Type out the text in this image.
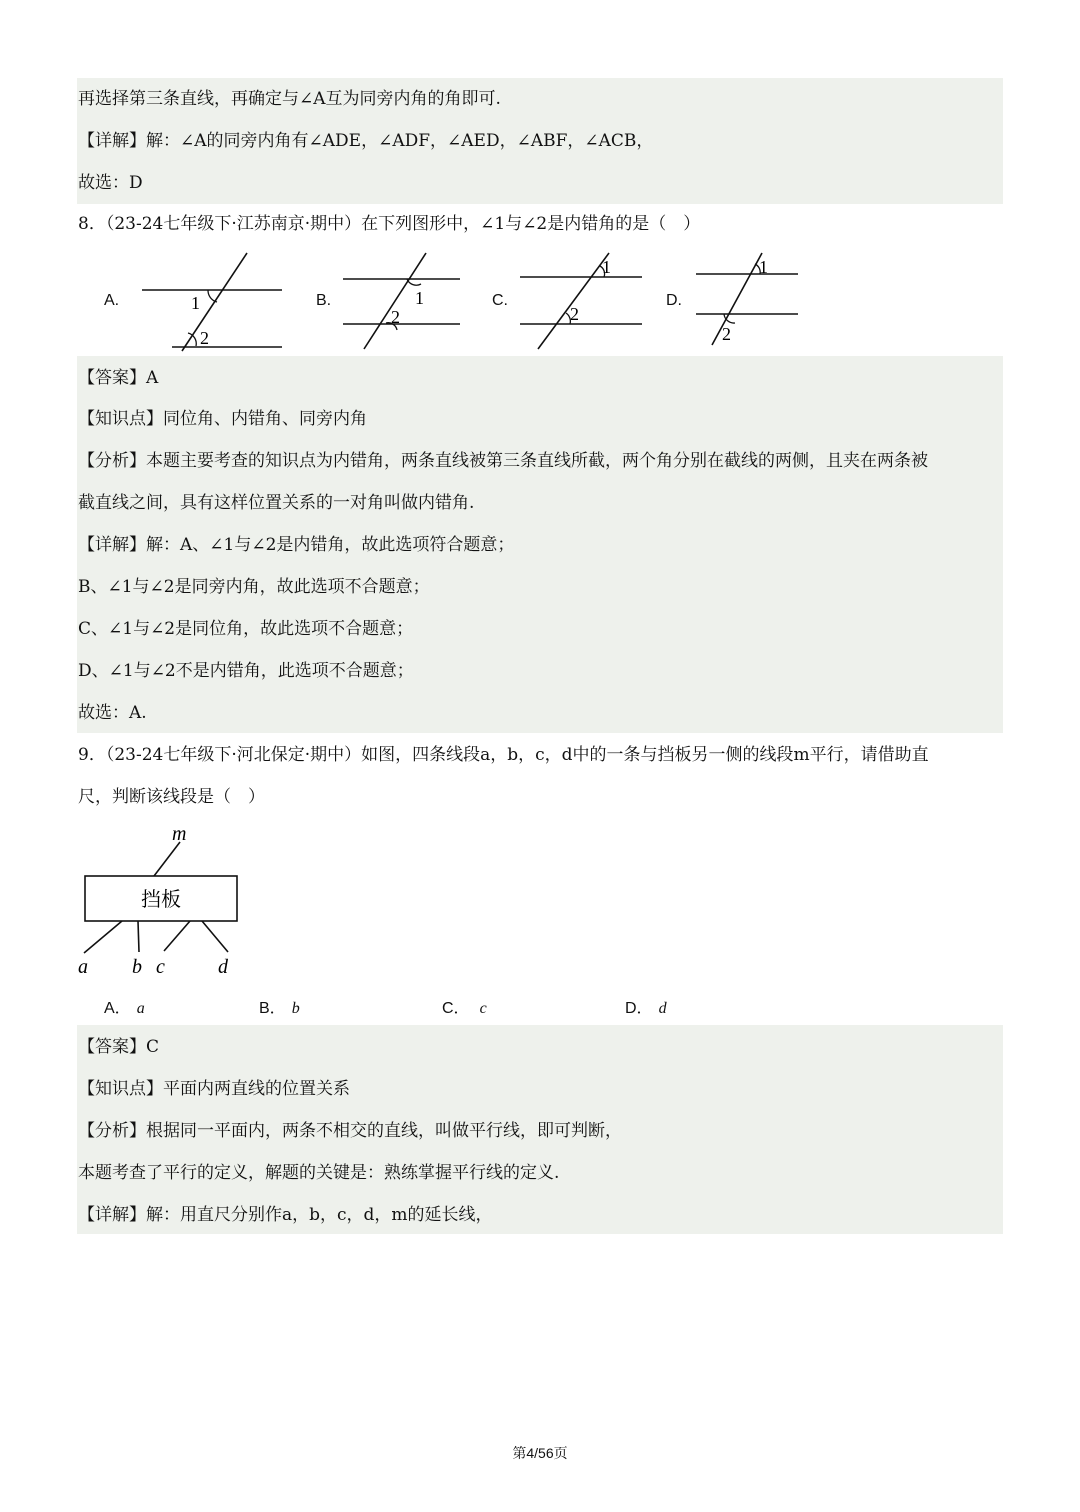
再选择第三条直线，再确定与∠A互为同旁内角的角即可.
【详解】解：∠A的同旁内角有∠ADE，∠ADF，∠AED，∠ABF，∠ACB，
故选：D
8．（23-24七年级下·江苏南京·期中）在下列图形中，∠1与∠2是内错角的是（　）
A.	B.	C.	D.
1
2
1
2
1
2
1
2
【答案】A
【知识点】同位角、内错角、同旁内角
【分析】本题主要考查的知识点为内错角，两条直线被第三条直线所截，两个角分别在截线的两侧，且夹在两条被
截直线之间，具有这样位置关系的一对角叫做内错角.
【详解】解：A、∠1与∠2是内错角，故此选项符合题意；
B、∠1与∠2是同旁内角，故此选项不合题意；
C、∠1与∠2是同位角，故此选项不合题意；
D、∠1与∠2不是内错角，此选项不合题意；
故选：A.
9．（23-24七年级下·河北保定·期中）如图，四条线段a，b，c，d中的一条与挡板另一侧的线段m平行，请借助直
尺，判断该线段是（　）
m
挡板
a b c	d
A． a	B． b	C． c	D． d
【答案】C
【知识点】平面内两直线的位置关系
【分析】根据同一平面内，两条不相交的直线，叫做平行线，即可判断，
本题考查了平行的定义，解题的关键是：熟练掌握平行线的定义.
【详解】解：用直尺分别作a，b，c，d，m的延长线，
第4/56页
